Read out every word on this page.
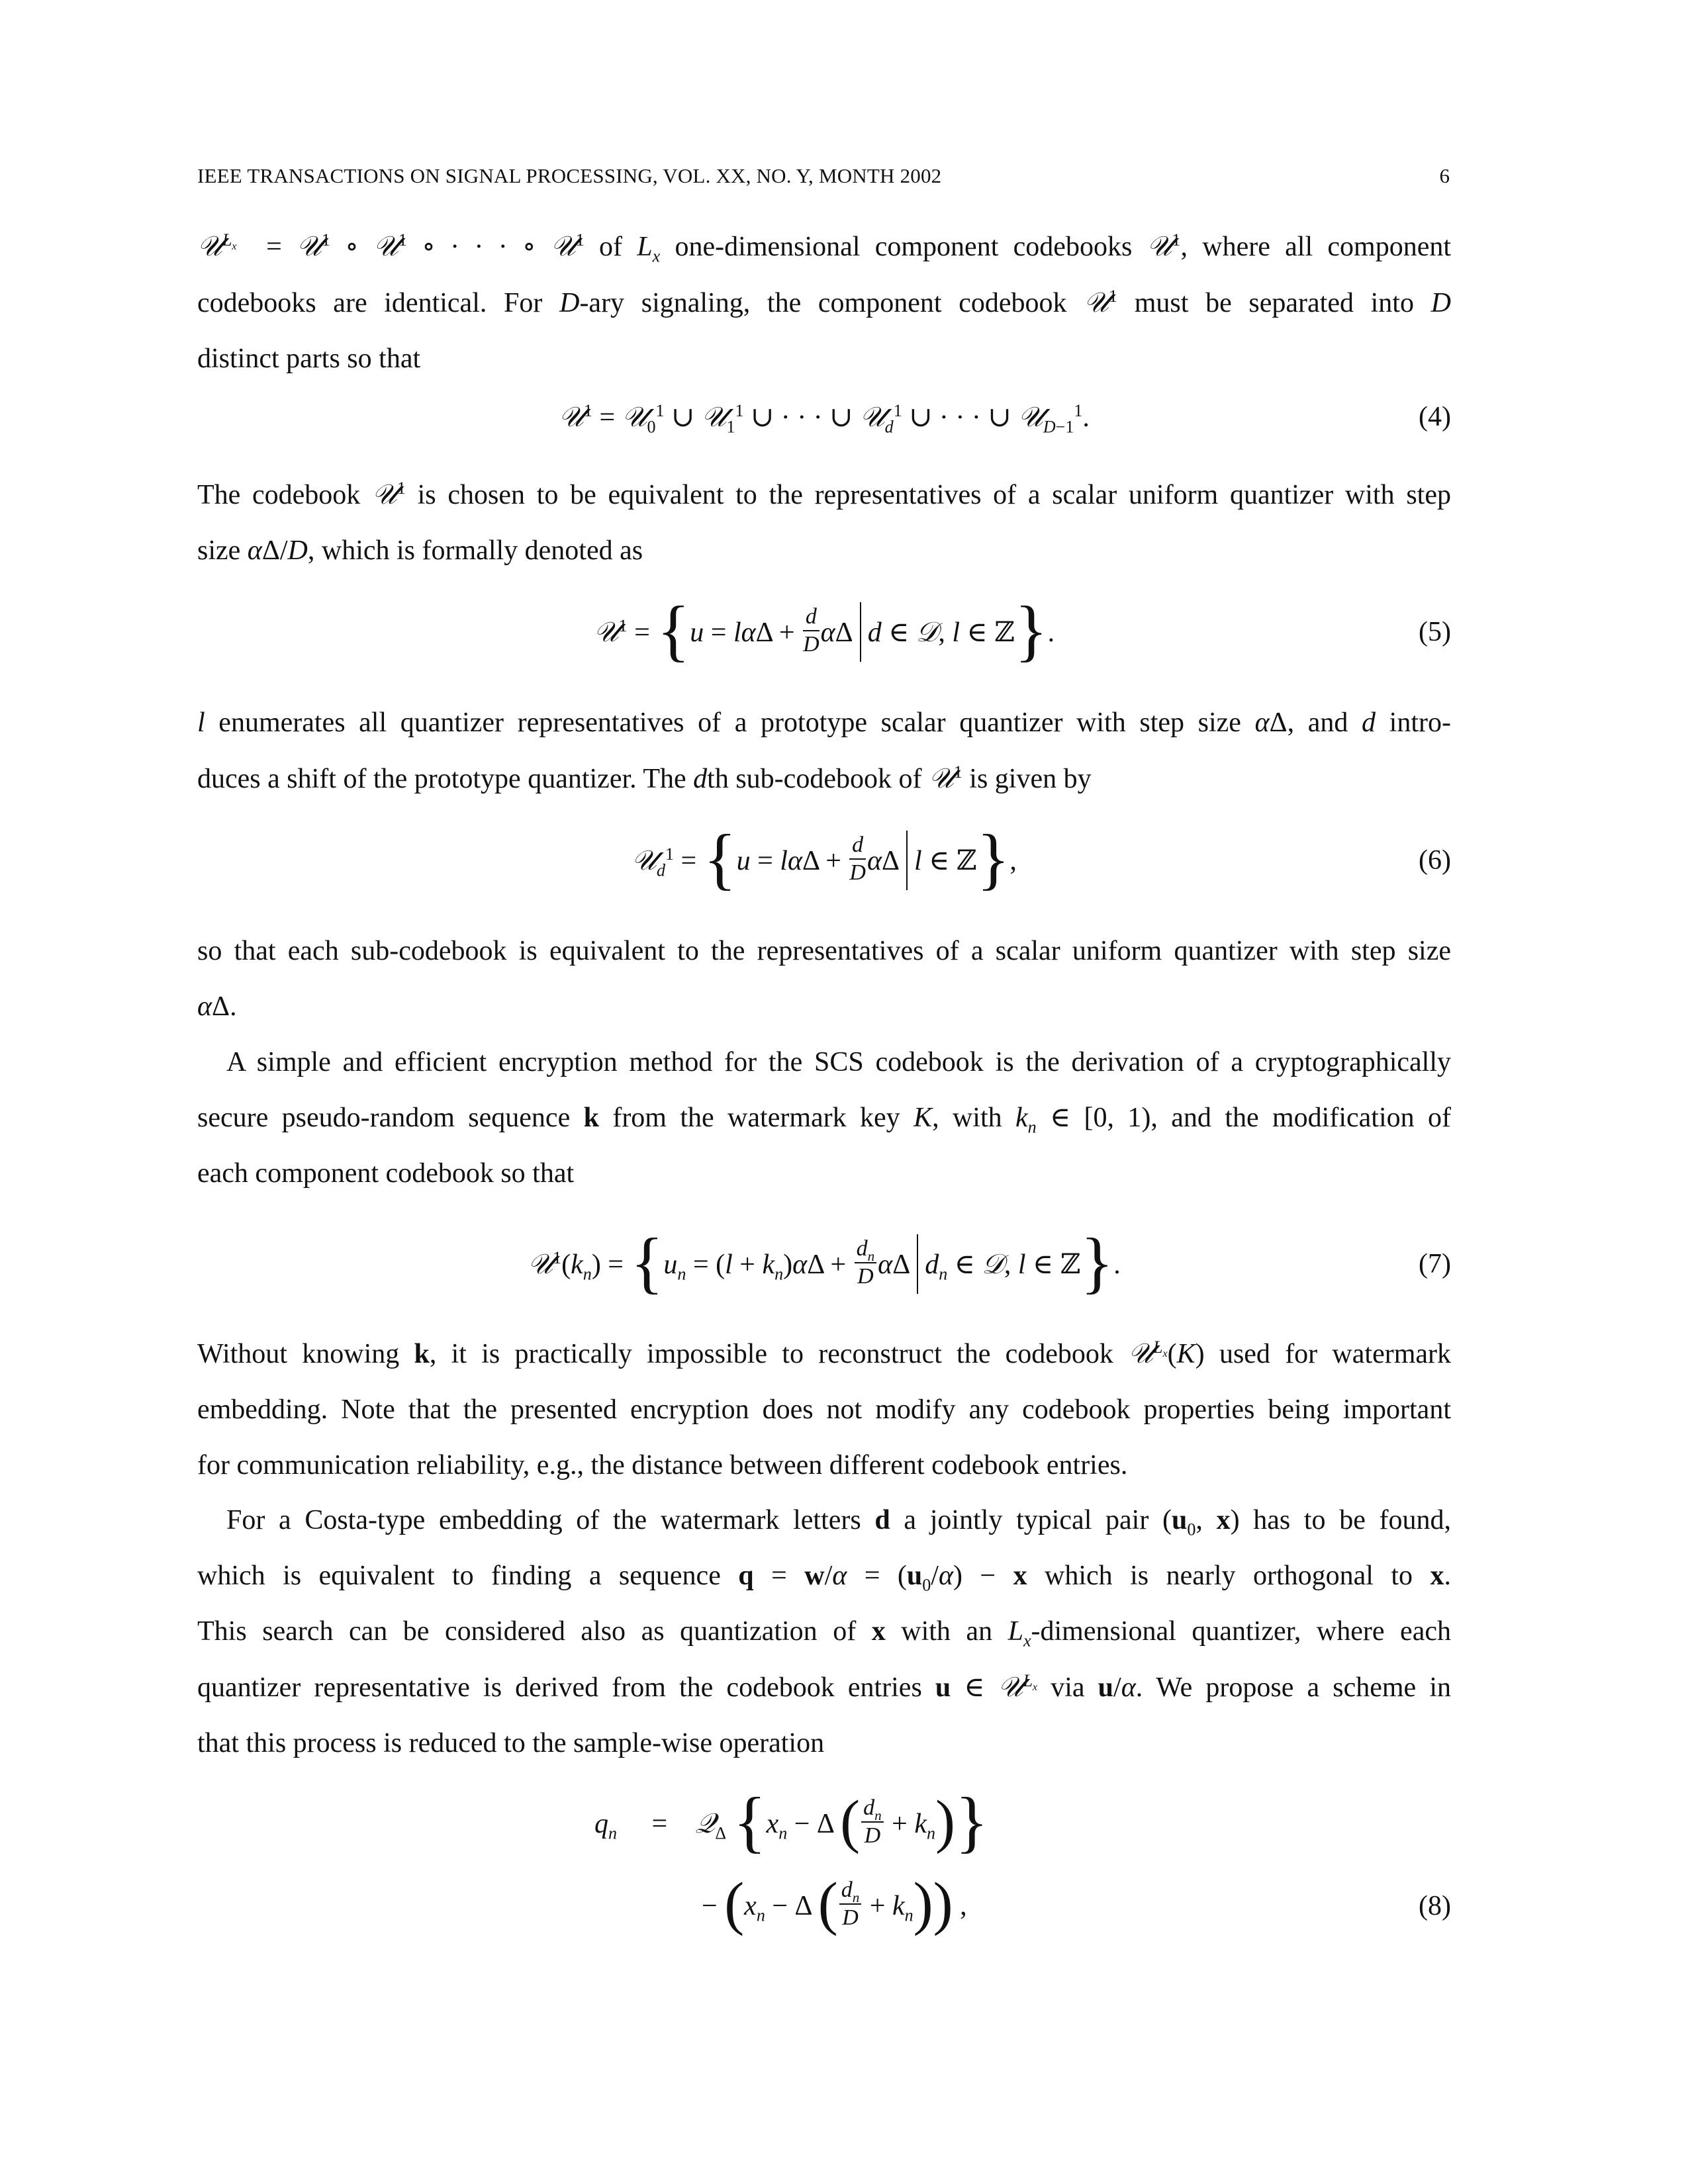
IEEE TRANSACTIONS ON SIGNAL PROCESSING, VOL. XX, NO. Y, MONTH 2002	6
𝒰$^{L_x}$ = 𝒰$^1$ ∘ 𝒰$^1$ ∘ · · · ∘ 𝒰$^1$ of $L_x$ one-dimensional component codebooks 𝒰$^1$, where all component
codebooks are identical. For D-ary signaling, the component codebook 𝒰$^1$ must be separated into D
distinct parts so that
𝒰$^1$ = 𝒰$_0^1$ ∪ 𝒰$_1^1$ ∪ · · · ∪ 𝒰$_d^1$ ∪ · · · ∪ 𝒰$_{D-1}^1$.	(4)
The codebook 𝒰$^1$ is chosen to be equivalent to the representatives of a scalar uniform quantizer with step
size αΔ/D, which is formally denoted as
𝒰$^1$ = {$u = l\alpha\Delta + \frac{d}{D}$ αΔ d ∈ 𝒟, l ∈ ℤ}.	(5)
l enumerates all quantizer representatives of a prototype scalar quantizer with step size αΔ, and d intro-
duces a shift of the prototype quantizer. The dth sub-codebook of 𝒰$^1$ is given by
𝒰$_d^1$ = {$u = l\alpha\Delta + \frac{d}{D}$ αΔ l ∈ ℤ},	(6)
so that each sub-codebook is equivalent to the representatives of a scalar uniform quantizer with step size
αΔ.
A simple and efficient encryption method for the SCS codebook is the derivation of a cryptographically
secure pseudo-random sequence k from the watermark key K, with $k_n$ ∈ [0, 1), and the modification of
each component codebook so that
$𝒰^1(k_n) = \{u_n = (l + k_n)\alpha\Delta + \frac{d_n}{D}$ αΔ $d_n$ ∈ 𝒟, l ∈ ℤ}.	(7)
Without knowing k, it is practically impossible to reconstruct the codebook 𝒰$^{L_x}$(K) used for watermark
embedding. Note that the presented encryption does not modify any codebook properties being important
for communication reliability, e.g., the distance between different codebook entries.
For a Costa-type embedding of the watermark letters d a jointly typical pair ($u_0$, x) has to be found,
which is equivalent to finding a sequence $q = w/\alpha = (u_0/\alpha) - x$ which is nearly orthogonal to x.
This search can be considered also as quantization of x with an $L_x$-dimensional quantizer, where each
quantizer representative is derived from the codebook entries u ∈ 𝒰$^{L_x}$ via u/α. We propose a scheme in
that this process is reduced to the sample-wise operation
$q_n$     =    𝒬$_\Delta$ {$x_n - \Delta$ ( $\frac{d_n}{D} + k_n$)}
− ($x_n - \Delta$ ( $\frac{d_n}{D} + k_n$)) ,	(8)
